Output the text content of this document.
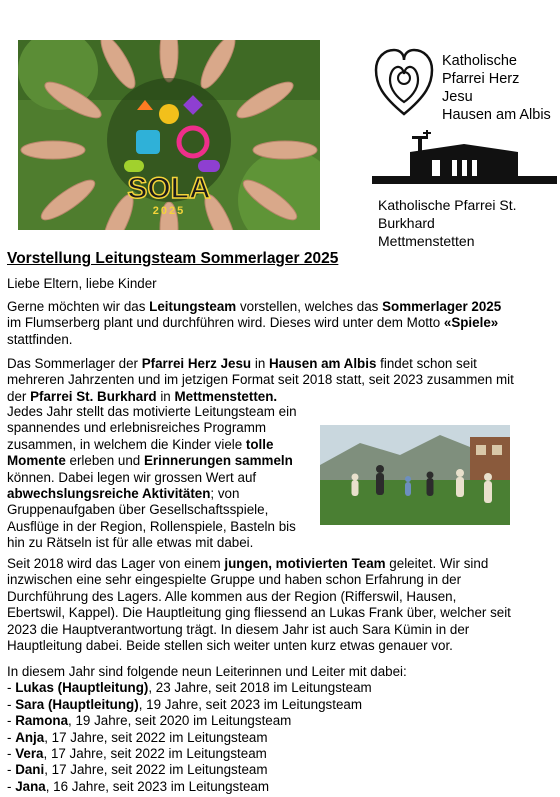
SOLA
2025
Katholische
Pfarrei Herz Jesu
Hausen am Albis
Katholische Pfarrei St. Burkhard
Mettmenstetten
Vorstellung Leitungsteam Sommerlager 2025
Liebe Eltern, liebe Kinder
Gerne möchten wir das Leitungsteam vorstellen, welches das Sommerlager 2025 im Flumserberg plant und durchführen wird. Dieses wird unter dem Motto «Spiele» stattfinden.
Das Sommerlager der Pfarrei Herz Jesu in Hausen am Albis findet schon seit mehreren Jahrzenten und im jetzigen Format seit 2018 statt, seit 2023 zusammen mit der Pfarrei St. Burkhard in Mettmenstetten.
Jedes Jahr stellt das motivierte Leitungsteam ein spannendes und erlebnisreiches Programm zusammen, in welchem die Kinder viele tolle Momente erleben und Erinnerungen sammeln können. Dabei legen wir grossen Wert auf abwechslungsreiche Aktivitäten; von Gruppenaufgaben über Gesellschaftsspiele, Ausflüge in der Region, Rollenspiele, Basteln bis hin zu Rätseln ist für alle etwas mit dabei.
Seit 2018 wird das Lager von einem jungen, motivierten Team geleitet. Wir sind inzwischen eine sehr eingespielte Gruppe und haben schon Erfahrung in der Durchführung des Lagers. Alle kommen aus der Region (Rifferswil, Hausen, Ebertswil, Kappel). Die Hauptleitung ging fliessend an Lukas Frank über, welcher seit 2023 die Hauptverantwortung trägt. In diesem Jahr ist auch Sara Kümin in der Hauptleitung dabei. Beide stellen sich weiter unten kurz etwas genauer vor.
In diesem Jahr sind folgende neun Leiterinnen und Leiter mit dabei:
- Lukas (Hauptleitung), 23 Jahre, seit 2018 im Leitungsteam
- Sara (Hauptleitung), 19 Jahre, seit 2023 im Leitungsteam
- Ramona, 19 Jahre, seit 2020 im Leitungsteam
- Anja, 17 Jahre, seit 2022 im Leitungsteam
- Vera, 17 Jahre, seit 2022 im Leitungsteam
- Dani, 17 Jahre, seit 2022 im Leitungsteam
- Jana, 16 Jahre, seit 2023 im Leitungsteam
